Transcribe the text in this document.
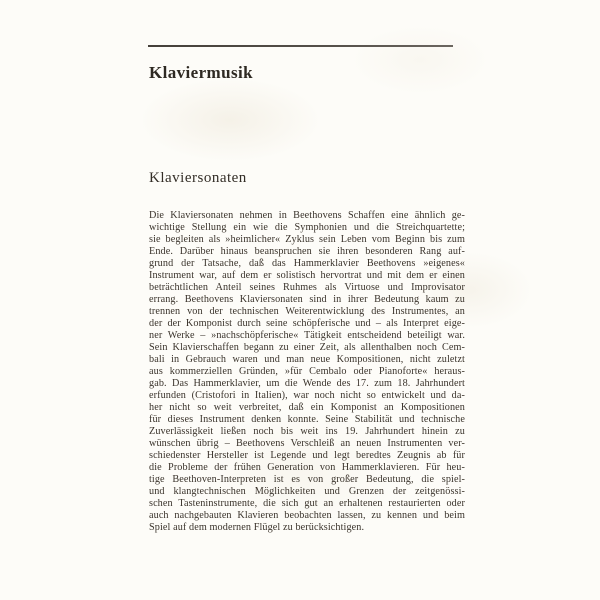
Klaviermusik
Klaviersonaten
Die Klaviersonaten nehmen in Beethovens Schaffen eine ähnlich ge-
wichtige Stellung ein wie die Symphonien und die Streichquartette;
sie begleiten als »heimlicher« Zyklus sein Leben vom Beginn bis zum
Ende. Darüber hinaus beanspruchen sie ihren besonderen Rang auf-
grund der Tatsache, daß das Hammerklavier Beethovens »eigenes«
Instrument war, auf dem er solistisch hervortrat und mit dem er einen
beträchtlichen Anteil seines Ruhmes als Virtuose und Improvisator
errang. Beethovens Klaviersonaten sind in ihrer Bedeutung kaum zu
trennen von der technischen Weiterentwicklung des Instrumentes, an
der der Komponist durch seine schöpferische und – als Interpret eige-
ner Werke – »nachschöpferische« Tätigkeit entscheidend beteiligt war.
Sein Klavierschaffen begann zu einer Zeit, als allenthalben noch Cem-
bali in Gebrauch waren und man neue Kompositionen, nicht zuletzt
aus kommerziellen Gründen, »für Cembalo oder Pianoforte« heraus-
gab. Das Hammerklavier, um die Wende des 17. zum 18. Jahrhundert
erfunden (Cristofori in Italien), war noch nicht so entwickelt und da-
her nicht so weit verbreitet, daß ein Komponist an Kompositionen
für dieses Instrument denken konnte. Seine Stabilität und technische
Zuverlässigkeit ließen noch bis weit ins 19. Jahrhundert hinein zu
wünschen übrig – Beethovens Verschleiß an neuen Instrumenten ver-
schiedenster Hersteller ist Legende und legt beredtes Zeugnis ab für
die Probleme der frühen Generation von Hammerklavieren. Für heu-
tige Beethoven-Interpreten ist es von großer Bedeutung, die spiel-
und klangtechnischen Möglichkeiten und Grenzen der zeitgenössi-
schen Tasteninstrumente, die sich gut an erhaltenen restaurierten oder
auch nachgebauten Klavieren beobachten lassen, zu kennen und beim
Spiel auf dem modernen Flügel zu berücksichtigen.
